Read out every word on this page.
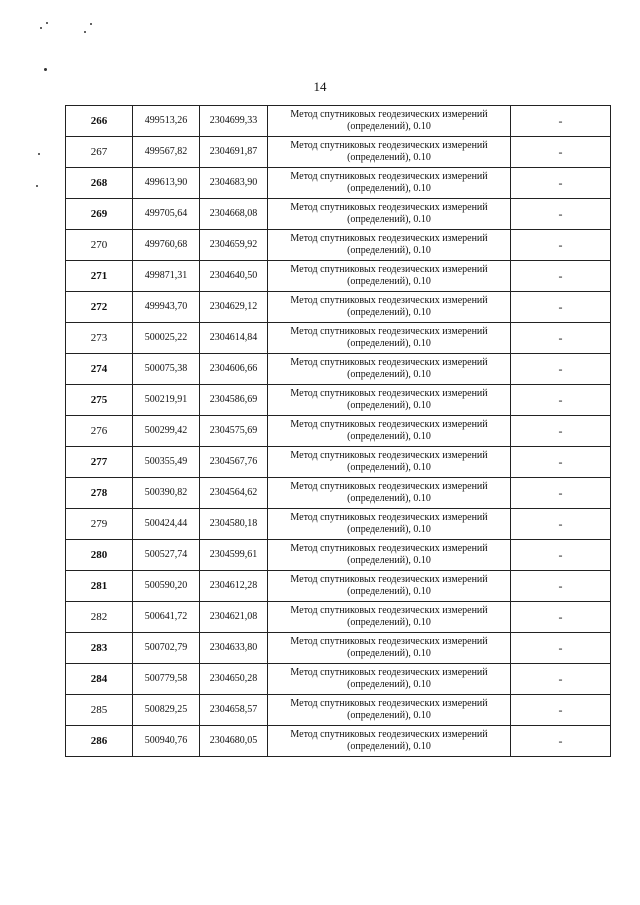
14
266	499513,26	2304699,33	Метод спутниковых геодезических измерений
(определений), 0.10	-
267	499567,82	2304691,87	Метод спутниковых геодезических измерений
(определений), 0.10	-
268	499613,90	2304683,90	Метод спутниковых геодезических измерений
(определений), 0.10	-
269	499705,64	2304668,08	Метод спутниковых геодезических измерений
(определений), 0.10	-
270	499760,68	2304659,92	Метод спутниковых геодезических измерений
(определений), 0.10	-
271	499871,31	2304640,50	Метод спутниковых геодезических измерений
(определений), 0.10	-
272	499943,70	2304629,12	Метод спутниковых геодезических измерений
(определений), 0.10	-
273	500025,22	2304614,84	Метод спутниковых геодезических измерений
(определений), 0.10	-
274	500075,38	2304606,66	Метод спутниковых геодезических измерений
(определений), 0.10	-
275	500219,91	2304586,69	Метод спутниковых геодезических измерений
(определений), 0.10	-
276	500299,42	2304575,69	Метод спутниковых геодезических измерений
(определений), 0.10	-
277	500355,49	2304567,76	Метод спутниковых геодезических измерений
(определений), 0.10	-
278	500390,82	2304564,62	Метод спутниковых геодезических измерений
(определений), 0.10	-
279	500424,44	2304580,18	Метод спутниковых геодезических измерений
(определений), 0.10	-
280	500527,74	2304599,61	Метод спутниковых геодезических измерений
(определений), 0.10	-
281	500590,20	2304612,28	Метод спутниковых геодезических измерений
(определений), 0.10	-
282	500641,72	2304621,08	Метод спутниковых геодезических измерений
(определений), 0.10	-
283	500702,79	2304633,80	Метод спутниковых геодезических измерений
(определений), 0.10	-
284	500779,58	2304650,28	Метод спутниковых геодезических измерений
(определений), 0.10	-
285	500829,25	2304658,57	Метод спутниковых геодезических измерений
(определений), 0.10	-
286	500940,76	2304680,05	Метод спутниковых геодезических измерений
(определений), 0.10	-
